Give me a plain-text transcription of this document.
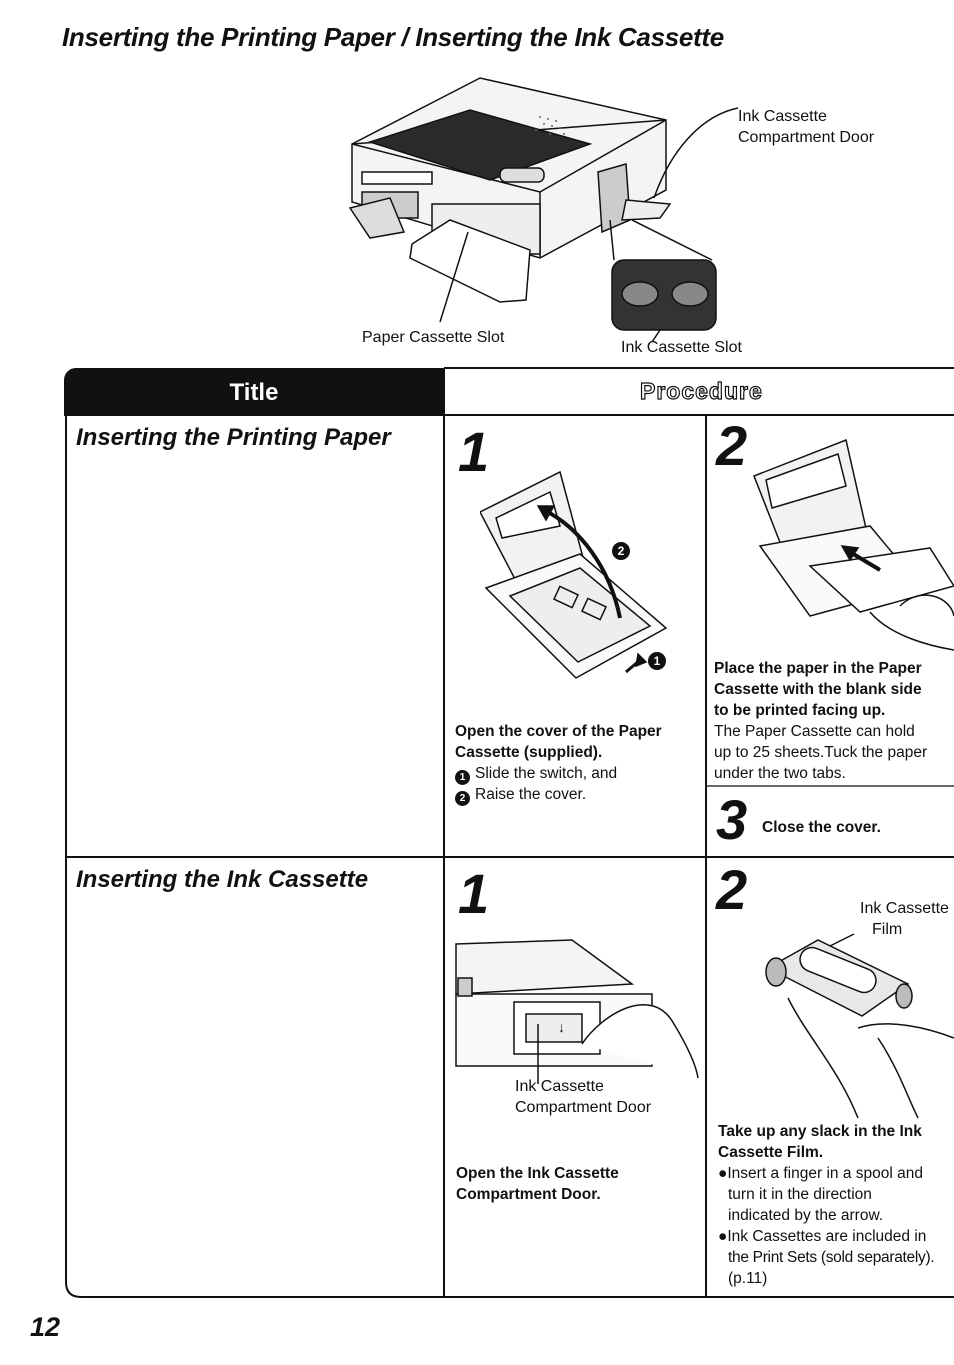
Inserting the Printing Paper / Inserting the Ink Cassette
Ink Cassette
Compartment Door
Paper Cassette Slot
Ink Cassette Slot
Title	Procedure
Inserting the Printing Paper 1
2
1
Open the cover of the Paper
Cassette (supplied).
1 Slide the switch, and
2 Raise the cover.
2
Place the paper in the Paper
Cassette with the blank side
to be printed facing up.
The Paper Cassette can hold
up to 25 sheets.Tuck the paper
under the two tabs.
3 Close the cover.
Inserting the Ink Cassette 1
↓
Ink Cassette
Compartment Door
Open the Ink Cassette
Compartment Door.
2	Ink Cassette
Film
Take up any slack in the Ink
Cassette Film.
●Insert a finger in a spool and
turn it in the direction
indicated by the arrow.
●Ink Cassettes are included in
the Print Sets (sold separately).
(p.11)
12
